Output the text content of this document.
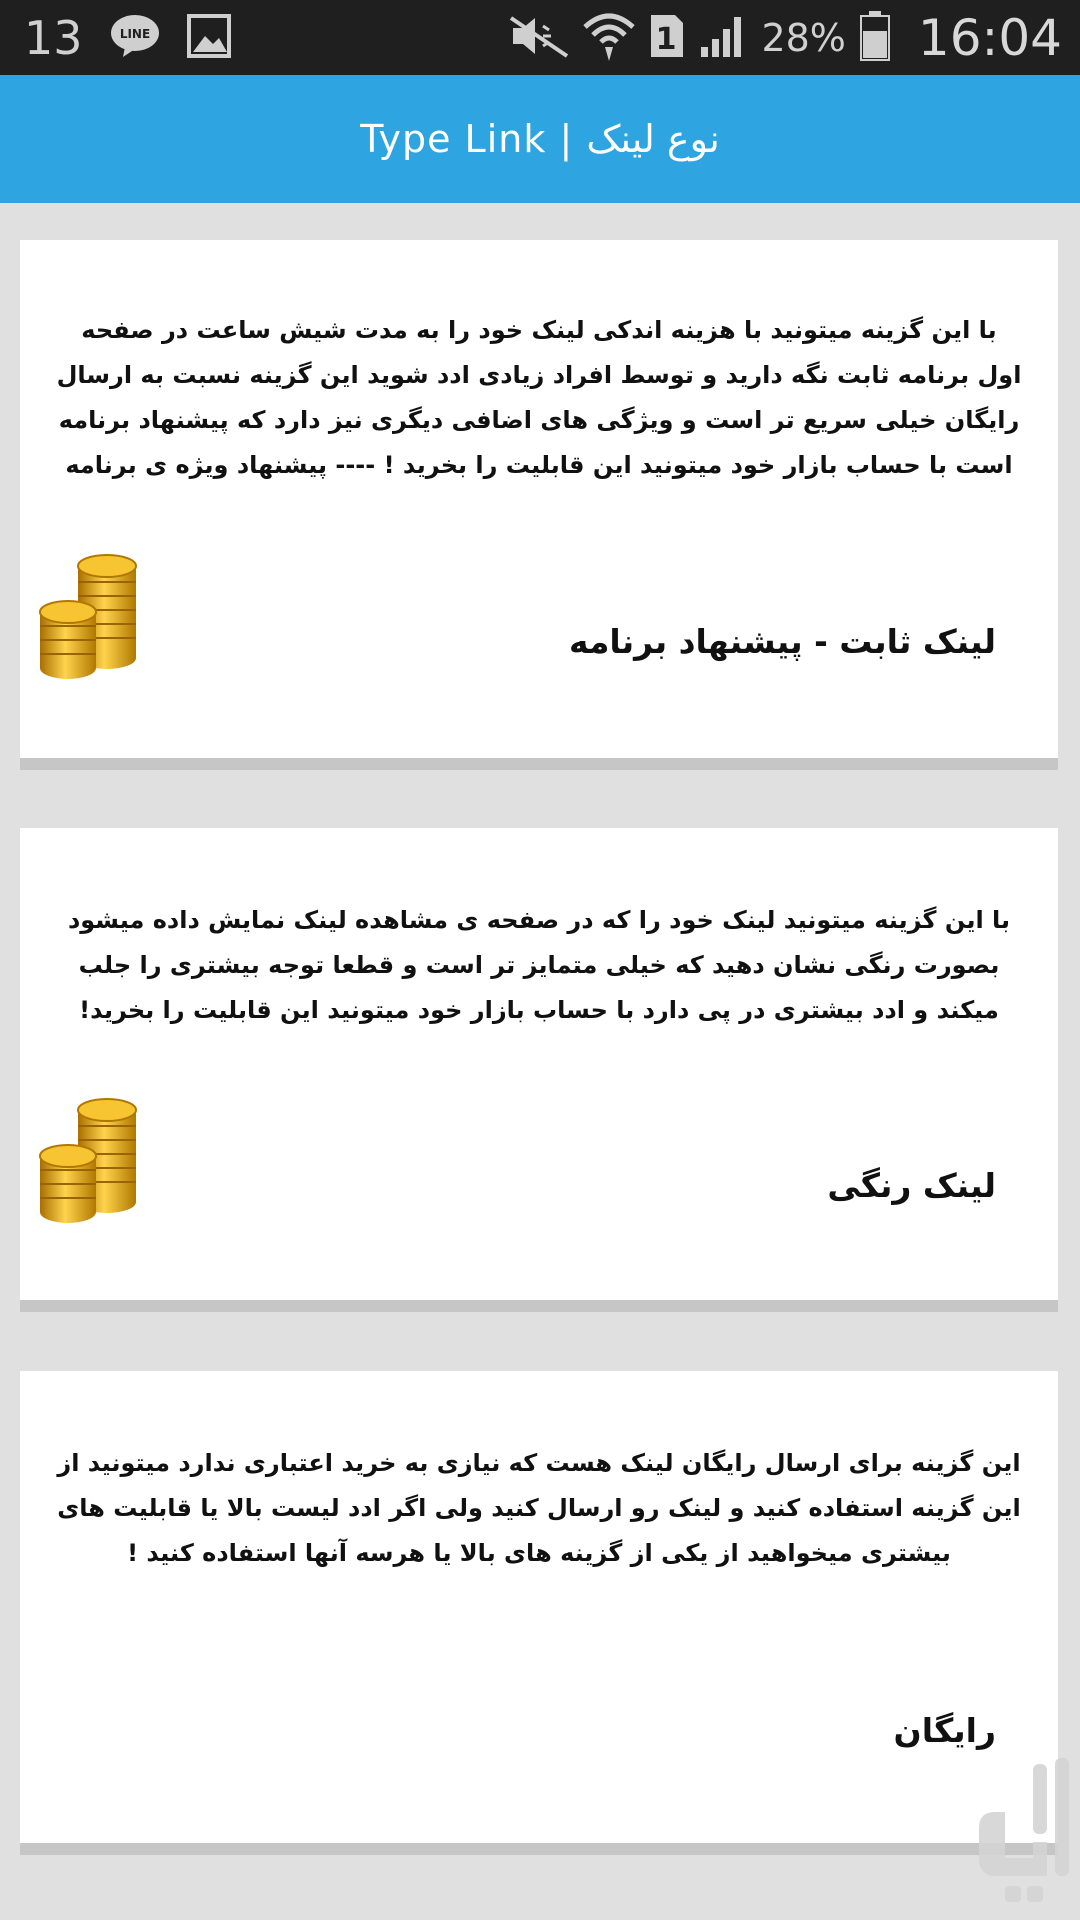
13	LINE	1 28% 16:04
Type Link | نوع لینک
با این گزینه میتونید با هزینه اندکی لینک خود را به مدت شیش ساعت در صفحه اول برنامه ثابت نگه دارید و توسط افراد زیادی ادد شوید این گزینه نسبت به ارسال رایگان خیلی سریع تر است و ویژگی های اضافی دیگری نیز دارد که پیشنهاد برنامه است با حساب بازار خود میتونید این قابلیت را بخرید ! ---- پیشنهاد ویژه ی برنامه
لینک ثابت - پیشنهاد برنامه
با این گزینه میتونید لینک خود را که در صفحه ی مشاهده لینک نمایش داده میشود بصورت رنگی نشان دهید که خیلی متمایز تر است و قطعا توجه بیشتری را جلب میکند و ادد بیشتری در پی دارد با حساب بازار خود میتونید این قابلیت را بخرید!
لینک رنگی
این گزینه برای ارسال رایگان لینک هست که نیازی به خرید اعتباری ندارد میتونید از این گزینه استفاده کنید و لینک رو ارسال کنید ولی اگر ادد لیست بالا یا قابلیت های بیشتری میخواهید از یکی از گزینه های بالا یا هرسه آنها استفاده کنید !
رایگان
